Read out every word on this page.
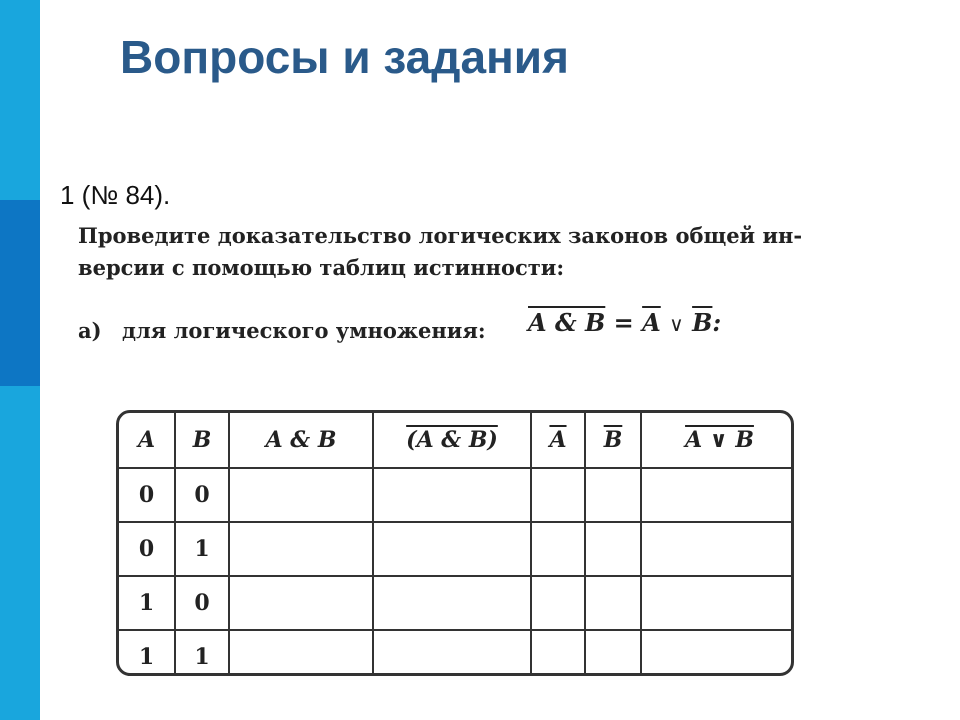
Вопросы и задания
1 (№ 84).
Проведите доказательство логических законов общей ин-
версии с помощью таблиц истинности:
а) для логического умножения: A & $B = \overline{A}$ ∨ $\overline{B}$:
A	B	A & B	(A & B)	$\overline{A}$	$\overline{B}$	A ∨ B
0	0					
0	1					
1	0					
1	1					
